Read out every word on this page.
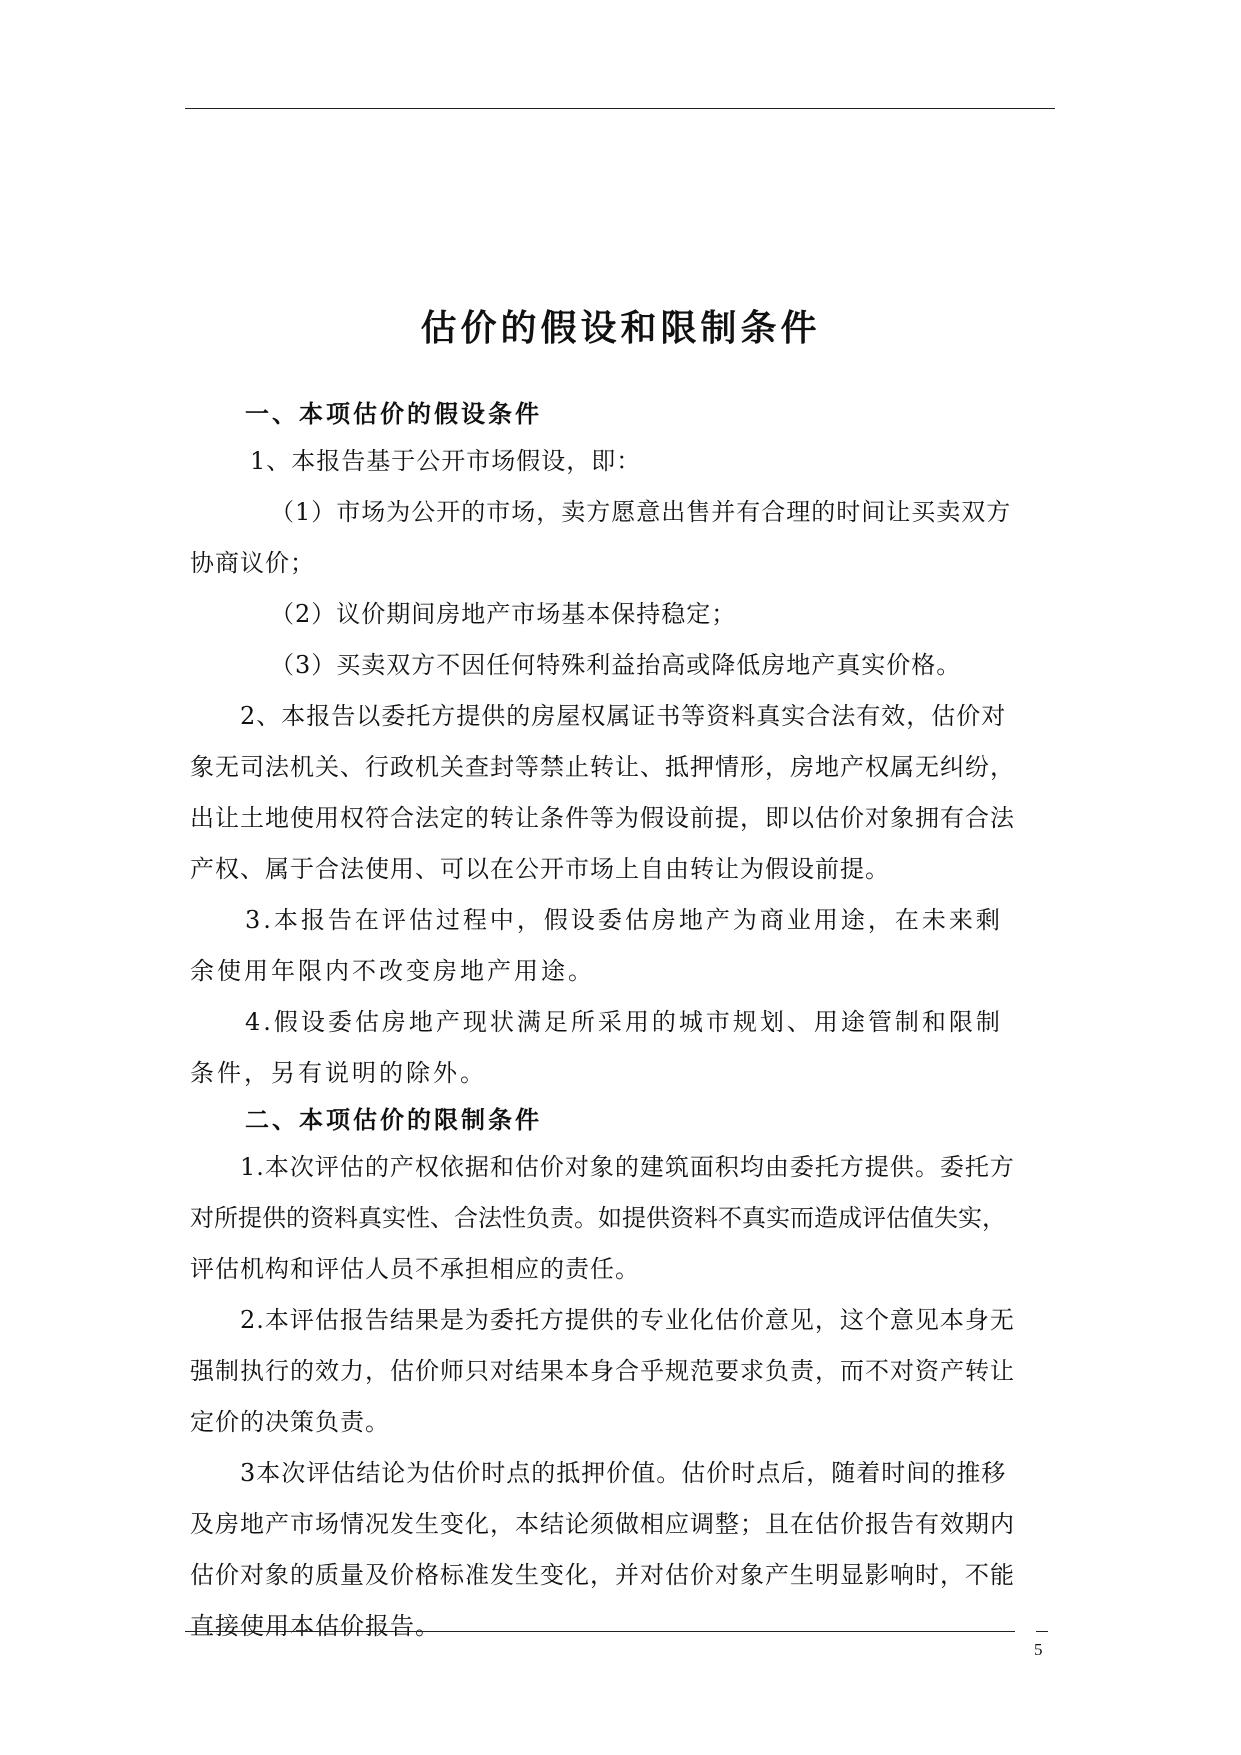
估价的假设和限制条件
一、本项估价的假设条件
1、本报告基于公开市场假设，即：
（1）市场为公开的市场，卖方愿意出售并有合理的时间让买卖双方
协商议价；
（2）议价期间房地产市场基本保持稳定；
（3）买卖双方不因任何特殊利益抬高或降低房地产真实价格。
2、本报告以委托方提供的房屋权属证书等资料真实合法有效，估价对
象无司法机关、行政机关查封等禁止转让、抵押情形，房地产权属无纠纷，
出让土地使用权符合法定的转让条件等为假设前提，即以估价对象拥有合法
产权、属于合法使用、可以在公开市场上自由转让为假设前提。
3.本报告在评估过程中，假设委估房地产为商业用途，在未来剩
余使用年限内不改变房地产用途。
4.假设委估房地产现状满足所采用的城市规划、用途管制和限制
条件，另有说明的除外。
二、本项估价的限制条件
1.本次评估的产权依据和估价对象的建筑面积均由委托方提供。委托方
对所提供的资料真实性、合法性负责。如提供资料不真实而造成评估值失实，
评估机构和评估人员不承担相应的责任。
2.本评估报告结果是为委托方提供的专业化估价意见，这个意见本身无
强制执行的效力，估价师只对结果本身合乎规范要求负责，而不对资产转让
定价的决策负责。
3本次评估结论为估价时点的抵押价值。估价时点后，随着时间的推移
及房地产市场情况发生变化，本结论须做相应调整；且在估价报告有效期内
估价对象的质量及价格标准发生变化，并对估价对象产生明显影响时，不能
直接使用本估价报告。
5
